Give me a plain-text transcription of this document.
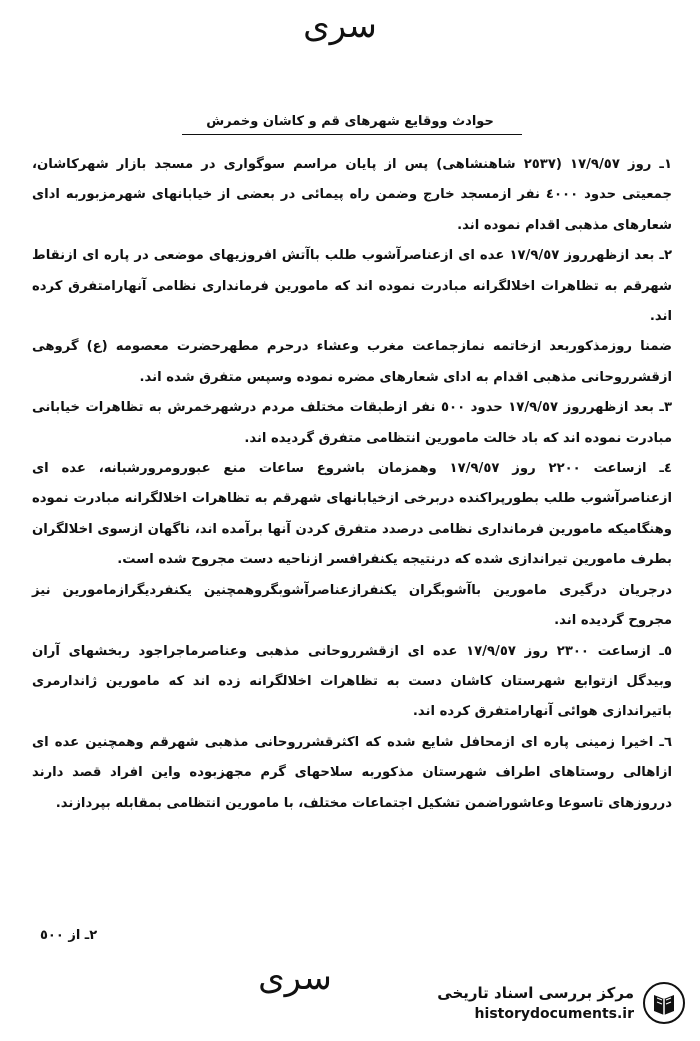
سری
حوادث ووقايع شهرهای قم و كاشان وخمرش

١ـ روز ١٧/٩/٥٧ (٢٥٣٧ شاهنشاهی) پس از پایان مراسم سوگواری در مسجد بازار شهرکاشان، جمعیتی حدود ٤٠٠٠ نفر ازمسجد خارج وضمن راه پیمائی در بعضی از خیابانهای شهرمزبوربه ادای شعارهای مذهبی اقدام نموده اند.

٢ـ بعد ازظهرروز ١٧/٩/٥٧ عده ای ازعناصرآشوب طلب باآتش افروزیهای موضعی در پاره ای ازنقاط شهرقم به تظاهرات اخلالگرانه مبادرت نموده اند که مامورین فرمانداری نظامی آنهارامتفرق کرده اند.

ضمنا روزمذکوربعد ازخاتمه نمازجماعت مغرب وعشاء درحرم مطهرحضرت معصومه (ع) گروهی ازقشرروحانی مذهبی اقدام به ادای شعارهای مضره نموده وسپس متفرق شده اند.

٣ـ بعد ازظهرروز ١٧/٩/٥٧ حدود ٥٠٠ نفر ازطبقات مختلف مردم درشهرخمرش به تظاهرات خیابانی مبادرت نموده اند که باد خالت مامورین انتظامی متفرق گردیده اند.

٤ـ ازساعت ٢٢٠٠ روز ١٧/٩/٥٧ وهمزمان باشروع ساعات منع عبورومرورشبانه، عده ای ازعناصرآشوب طلب بطورپراکنده دربرخی ازخیابانهای شهرقم به تظاهرات اخلالگرانه مبادرت نموده وهنگامیکه مامورین فرمانداری نظامی درصدد متفرق کردن آنها برآمده اند، ناگهان ازسوی اخلالگران بطرف مامورین تیراندازی شده که درنتیجه یکنفرافسر ازناحیه دست مجروح شده است.

درجریان درگیری مامورین باآشوبگران یکنفرازعناصرآشوبگروهمچنین یکنفردیگرازمامورین نیز مجروح گردیده اند.

٥ـ ازساعت ٢٣٠٠ روز ١٧/٩/٥٧ عده ای ازقشرروحانی مذهبی وعناصرماجراجود ربخشهای آران وبیدگل ازتوابع شهرستان کاشان دست به تظاهرات اخلالگرانه زده اند که مامورین ژاندارمری باتیراندازی هوائی آنهارامتفرق کرده اند.

٦ـ اخیرا زمینی پاره ای ازمحافل شایع شده که اکثرقشرروحانی مذهبی شهرقم وهمچنین عده ای ازاهالی روستاهای اطراف شهرستان مذکوربه سلاحهای گرم مجهزبوده واین افراد قصد دارند درروزهای تاسوعا وعاشوراضمن تشکیل اجتماعات مختلف، با مامورین انتظامی بمقابله بپردازند.

٢ـ از ٥٠٠
سری	مرکز بررسی اسناد تاریخی
historydocuments.ir
